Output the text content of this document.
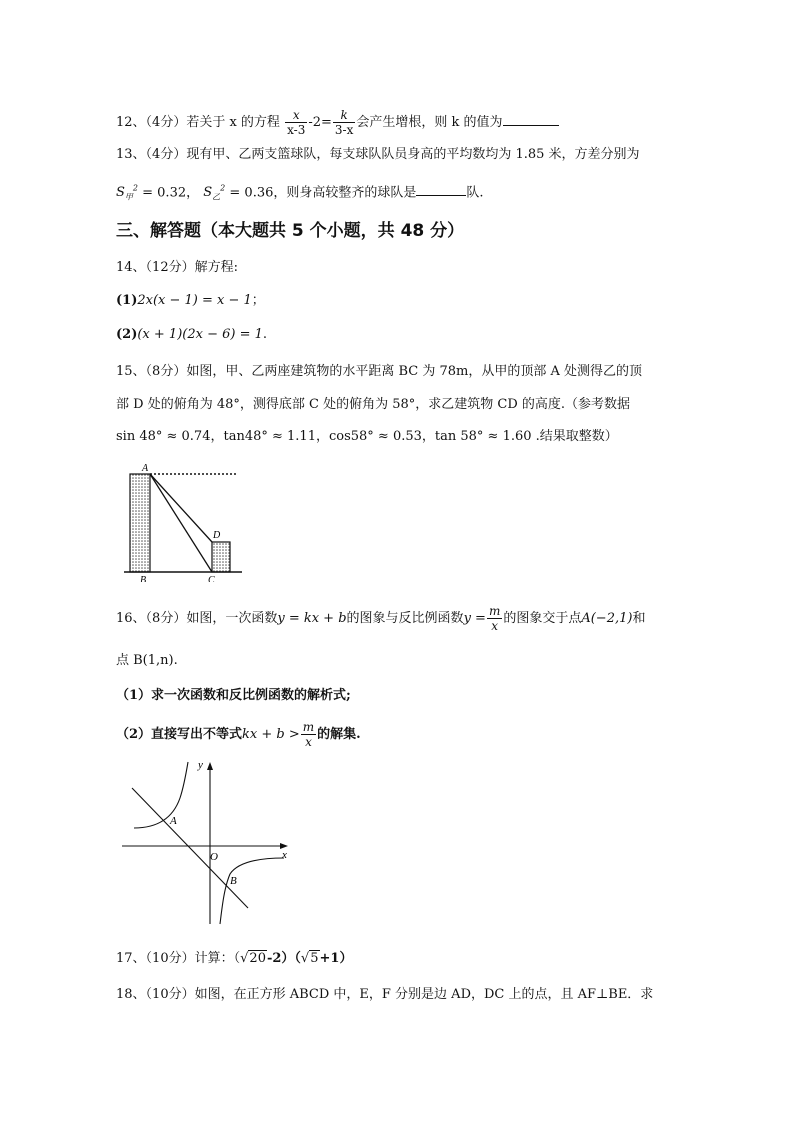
12、（4分）若关于 x 的方程 $\frac{x}{x-3} -2= \frac{k}{3-x}$ 会产生增根，则 k 的值为
13、（4分）现有甲、乙两支篮球队，每支球队队员身高的平均数均为 1.85 米，方差分别为
$S_甲^2 = 0.32$， $S_乙^2 = 0.36$，则身高较整齐的球队是	队.
三、解答题（本大题共 5 个小题，共 48 分）
14、（12分）解方程:
(1)2x(x − 1) = x − 1；
(2)(x + 1)(2x − 6) = 1.
15、（8分）如图，甲、乙两座建筑物的水平距离 BC 为 78m，从甲的顶部 A 处测得乙的顶
部 D 处的俯角为 48°，测得底部 C 处的俯角为 58°，求乙建筑物 CD 的高度.（参考数据
sin 48° ≈ 0.74，tan48° ≈ 1.11，cos58° ≈ 0.53，tan 58° ≈ 1.60 .结果取整数）
A
B	C
D
16、（8分）如图，一次函数y = kx + b的图象与反比例函数$y = \frac{m}{x}$ 的图象交于点A(−2,1)和
点 B(1,n).
（1）求一次函数和反比例函数的解析式;
（2）直接写出不等式kx + $b > \frac{m}{x}$ 的解集.
y
x
O
A
B
17、（10分）计算：（√20-2）（√5+1）
18、（10分）如图，在正方形 ABCD 中，E，F 分别是边 AD，DC 上的点，且 AF⊥BE．求
